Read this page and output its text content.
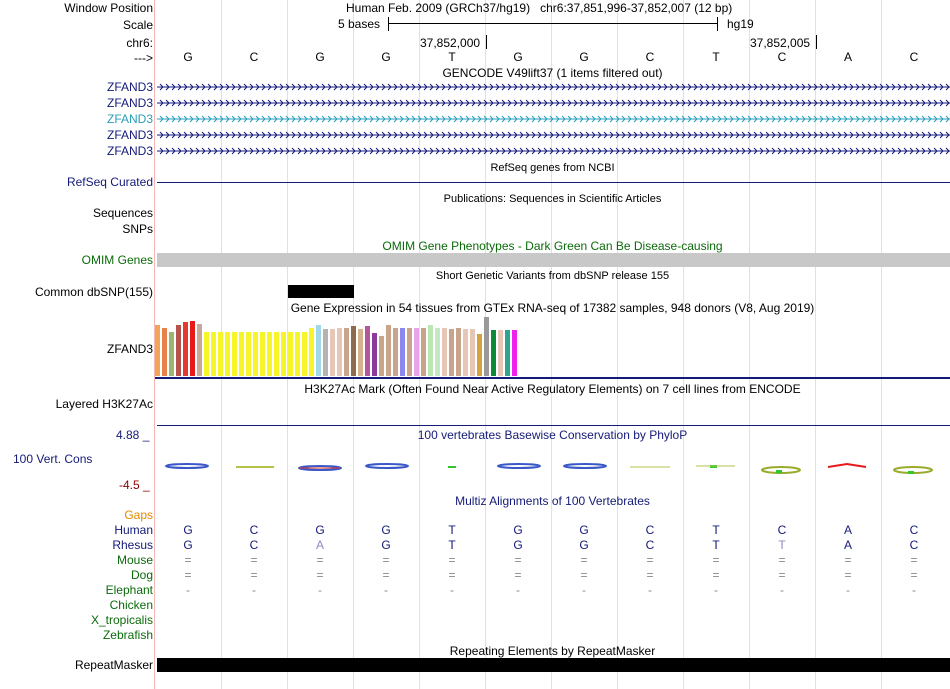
Window Position	Human Feb. 2009 (GRCh37/hg19)   chr6:37,851,996-37,852,007 (12 bp)
Scale	5 bases	hg19
chr6:	37,852,000	37,852,005
--->	G	C	G	G	T	G	G	C	T	C	A	C
GENCODE V49lift37 (1 items filtered out)
ZFAND3
ZFAND3
ZFAND3
ZFAND3
ZFAND3
RefSeq genes from NCBI
RefSeq Curated
Publications: Sequences in Scientific Articles
Sequences
SNPs
OMIM Gene Phenotypes - Dark Green Can Be Disease-causing
OMIM Genes
Short Genetic Variants from dbSNP release 155
Common dbSNP(155)
Gene Expression in 54 tissues from GTEx RNA-seq of 17382 samples, 948 donors (V8, Aug 2019)
ZFAND3
H3K27Ac Mark (Often Found Near Active Regulatory Elements) on 7 cell lines from ENCODE
Layered H3K27Ac
100 vertebrates Basewise Conservation by PhyloP
4.88 _
100 Vert. Cons
-4.5 _
Multiz Alignments of 100 Vertebrates
Gaps
Human	G	C	G	G	T	G	G	C	T	C	A	C
Rhesus	G	C	A	G	T	G	G	C	T	T	A	C
Mouse	=	=	=	=	=	=	=	=	=	=	=	=
Dog	=	=	=	=	=	=	=	=	=	=	=	=
Elephant	-	-	-	-	-	-	-	-	-	-	-	-
Chicken
X_tropicalis
Zebrafish
Repeating Elements by RepeatMasker
RepeatMasker
